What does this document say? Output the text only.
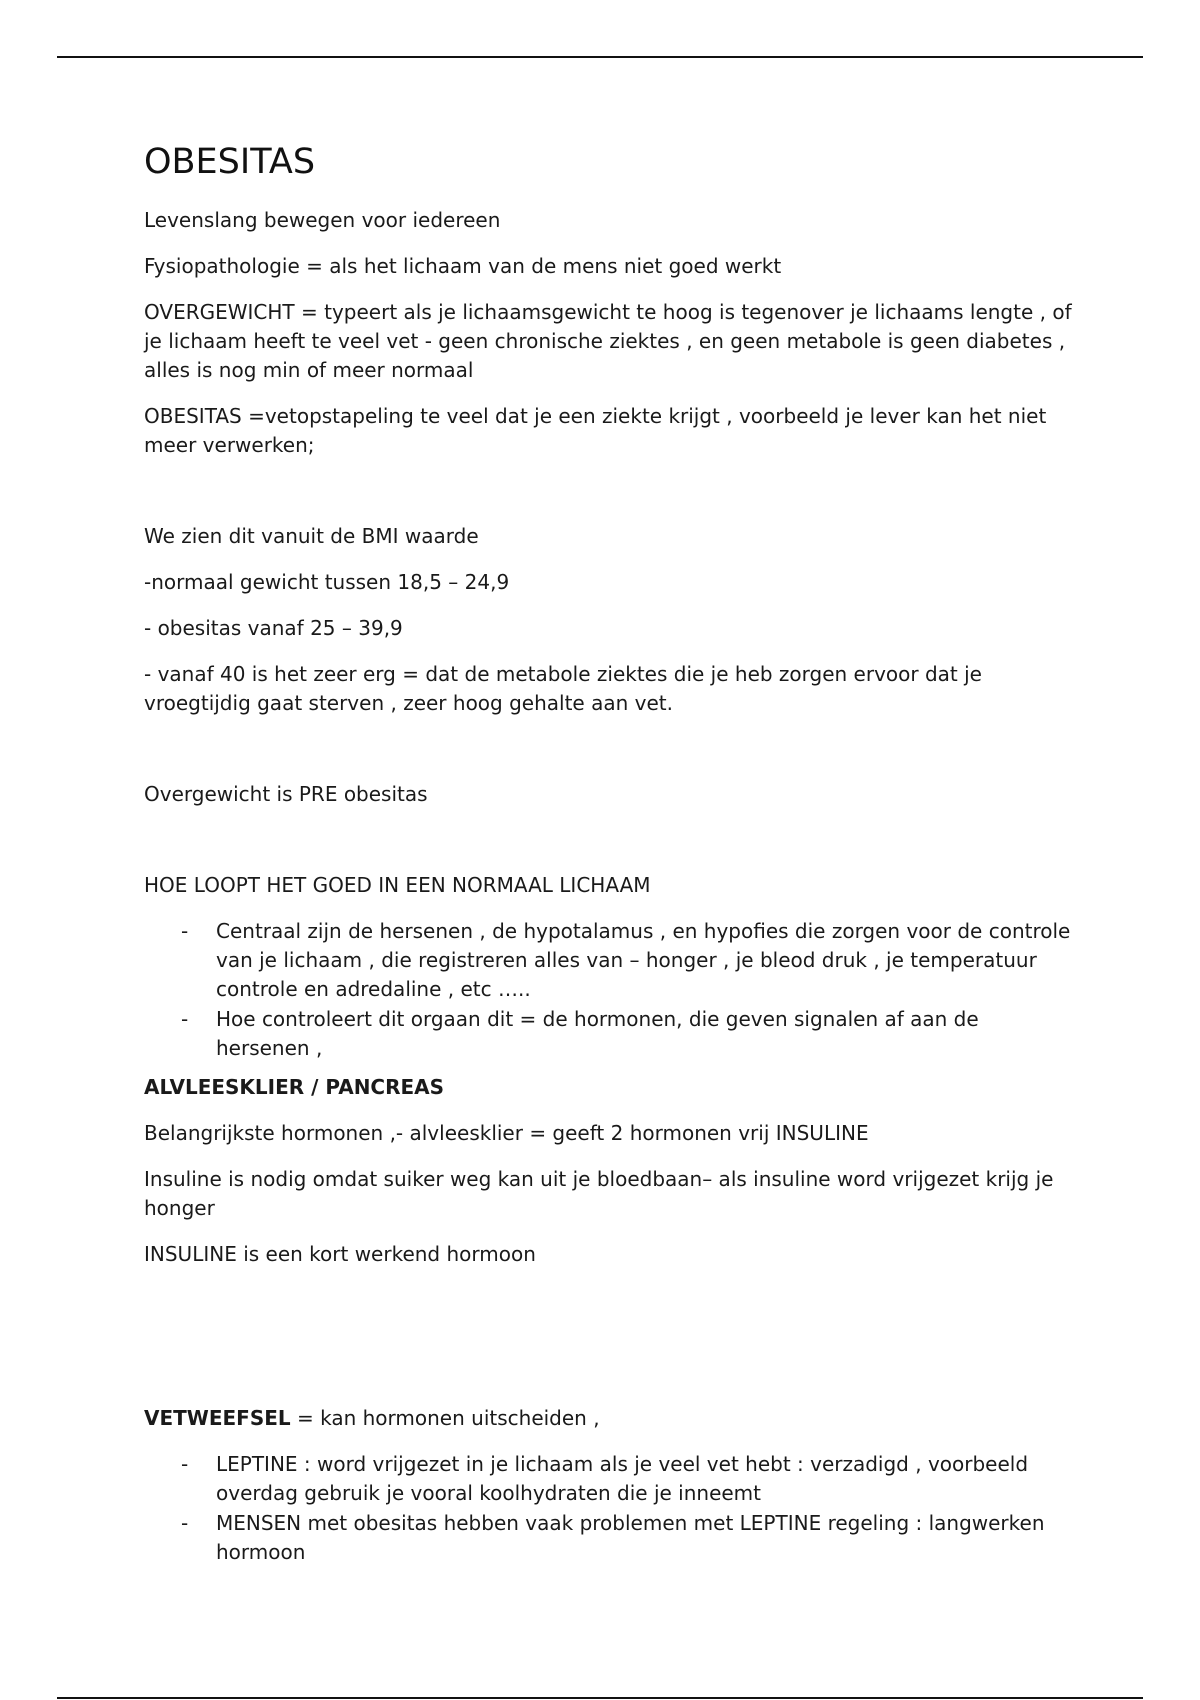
OBESITAS

Levenslang bewegen voor iedereen

Fysiopathologie = als het lichaam van de mens niet goed werkt

OVERGEWICHT = typeert als je lichaamsgewicht te hoog is tegenover je lichaams lengte , of je lichaam heeft te veel vet - geen chronische ziektes , en geen metabole is geen diabetes , alles is nog min of meer normaal

OBESITAS =vetopstapeling te veel dat je een ziekte krijgt , voorbeeld je lever kan het niet meer verwerken;

We zien dit vanuit de BMI waarde

-normaal gewicht tussen 18,5 – 24,9

- obesitas vanaf 25 – 39,9

- vanaf 40 is het zeer erg = dat de metabole ziektes die je heb zorgen ervoor dat je vroegtijdig gaat sterven , zeer hoog gehalte aan vet.

Overgewicht is PRE obesitas

HOE LOOPT HET GOED IN EEN NORMAAL LICHAAM

- Centraal zijn de hersenen , de hypotalamus , en hypofies die zorgen voor de controle van je lichaam , die registreren alles van – honger , je bleod druk , je temperatuur controle en adredaline , etc …..
- Hoe controleert dit orgaan dit = de hormonen, die geven signalen af aan de hersenen ,

ALVLEESKLIER / PANCREAS

Belangrijkste hormonen ,- alvleesklier = geeft 2 hormonen vrij INSULINE

Insuline is nodig omdat suiker weg kan uit je bloedbaan– als insuline word vrijgezet krijg je honger

INSULINE is een kort werkend hormoon

VETWEEFSEL = kan hormonen uitscheiden ,

- LEPTINE : word vrijgezet in je lichaam als je veel vet hebt : verzadigd , voorbeeld overdag gebruik je vooral koolhydraten die je inneemt
- MENSEN met obesitas hebben vaak problemen met LEPTINE regeling : langwerken hormoon
